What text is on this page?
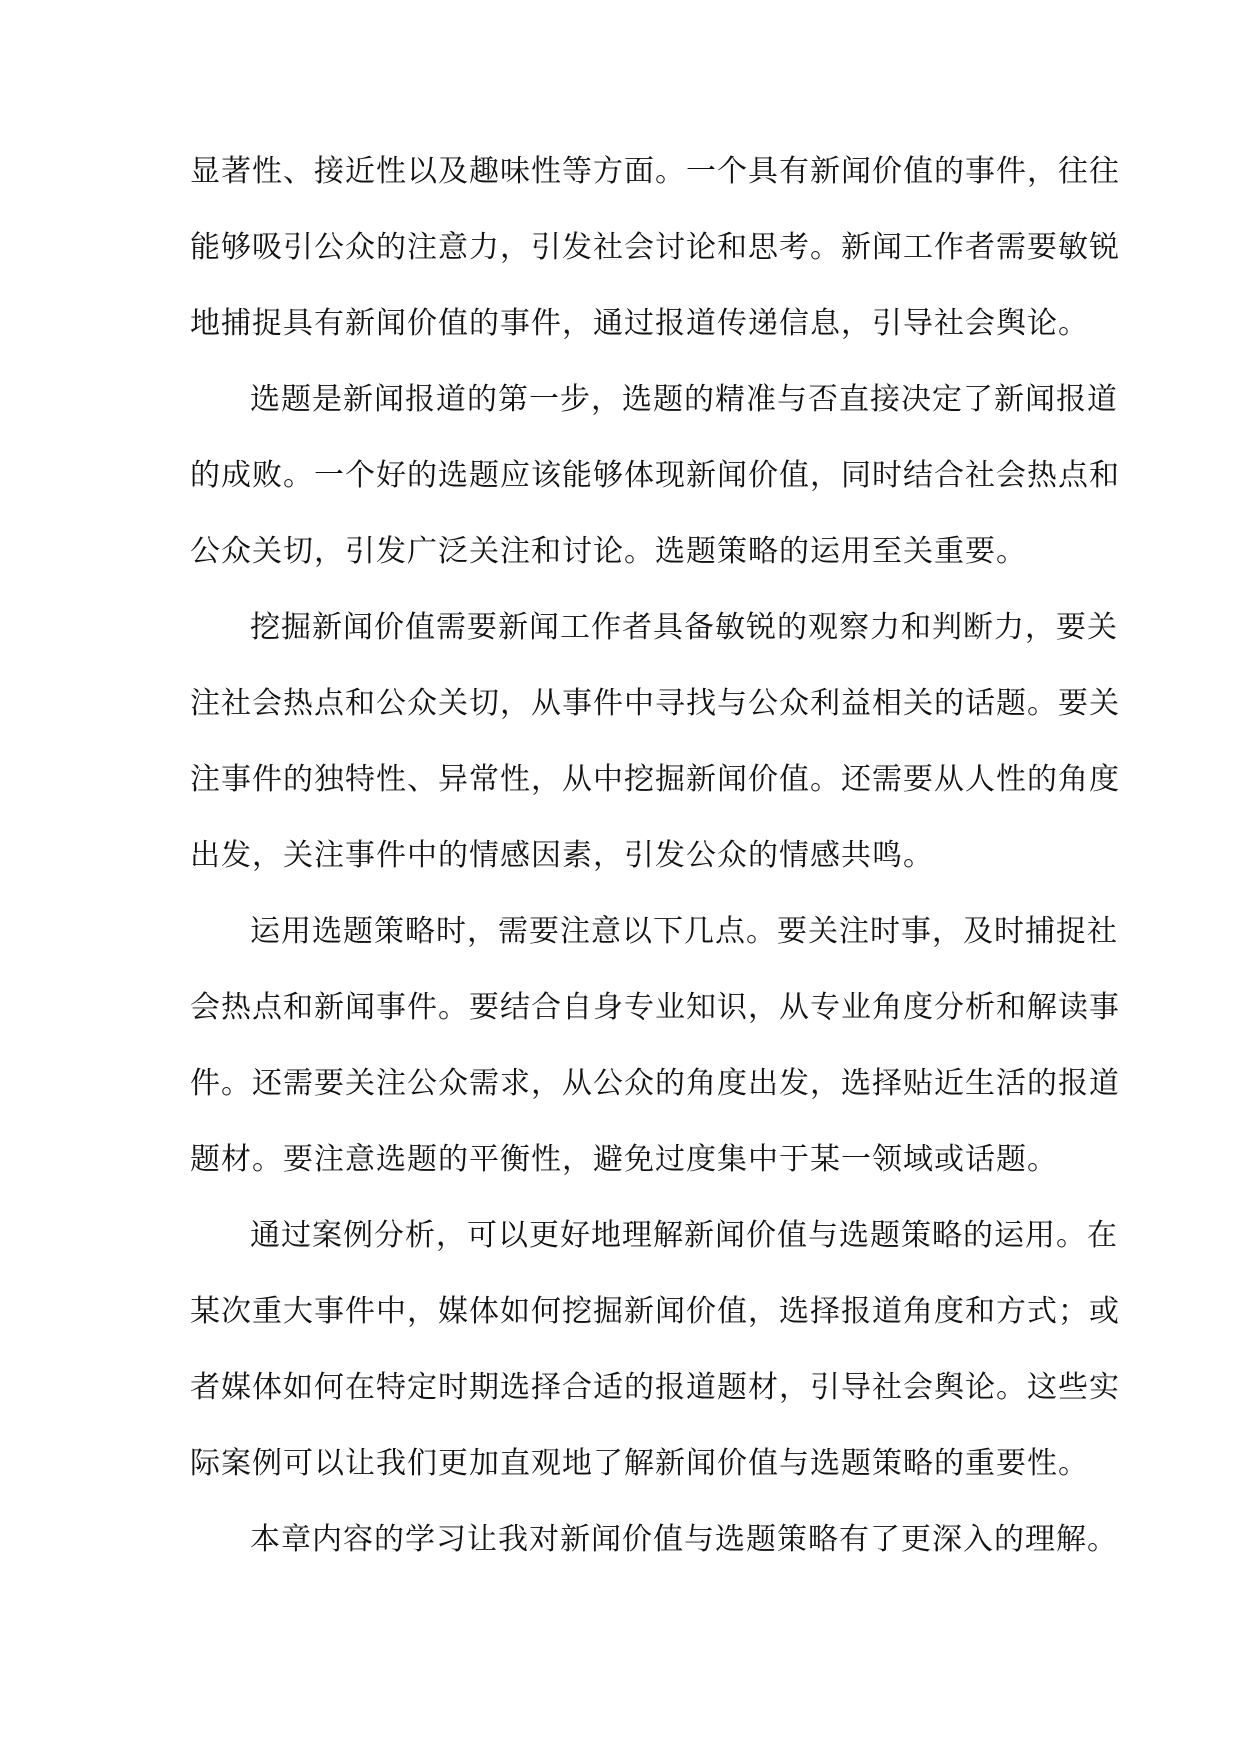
显著性、接近性以及趣味性等方面。一个具有新闻价值的事件，往往
能够吸引公众的注意力，引发社会讨论和思考。新闻工作者需要敏锐
地捕捉具有新闻价值的事件，通过报道传递信息，引导社会舆论。
选题是新闻报道的第一步，选题的精准与否直接决定了新闻报道
的成败。一个好的选题应该能够体现新闻价值，同时结合社会热点和
公众关切，引发广泛关注和讨论。选题策略的运用至关重要。
挖掘新闻价值需要新闻工作者具备敏锐的观察力和判断力，要关
注社会热点和公众关切，从事件中寻找与公众利益相关的话题。要关
注事件的独特性、异常性，从中挖掘新闻价值。还需要从人性的角度
出发，关注事件中的情感因素，引发公众的情感共鸣。
运用选题策略时，需要注意以下几点。要关注时事，及时捕捉社
会热点和新闻事件。要结合自身专业知识，从专业角度分析和解读事
件。还需要关注公众需求，从公众的角度出发，选择贴近生活的报道
题材。要注意选题的平衡性，避免过度集中于某一领域或话题。
通过案例分析，可以更好地理解新闻价值与选题策略的运用。在
某次重大事件中，媒体如何挖掘新闻价值，选择报道角度和方式；或
者媒体如何在特定时期选择合适的报道题材，引导社会舆论。这些实
际案例可以让我们更加直观地了解新闻价值与选题策略的重要性。
本章内容的学习让我对新闻价值与选题策略有了更深入的理解。
